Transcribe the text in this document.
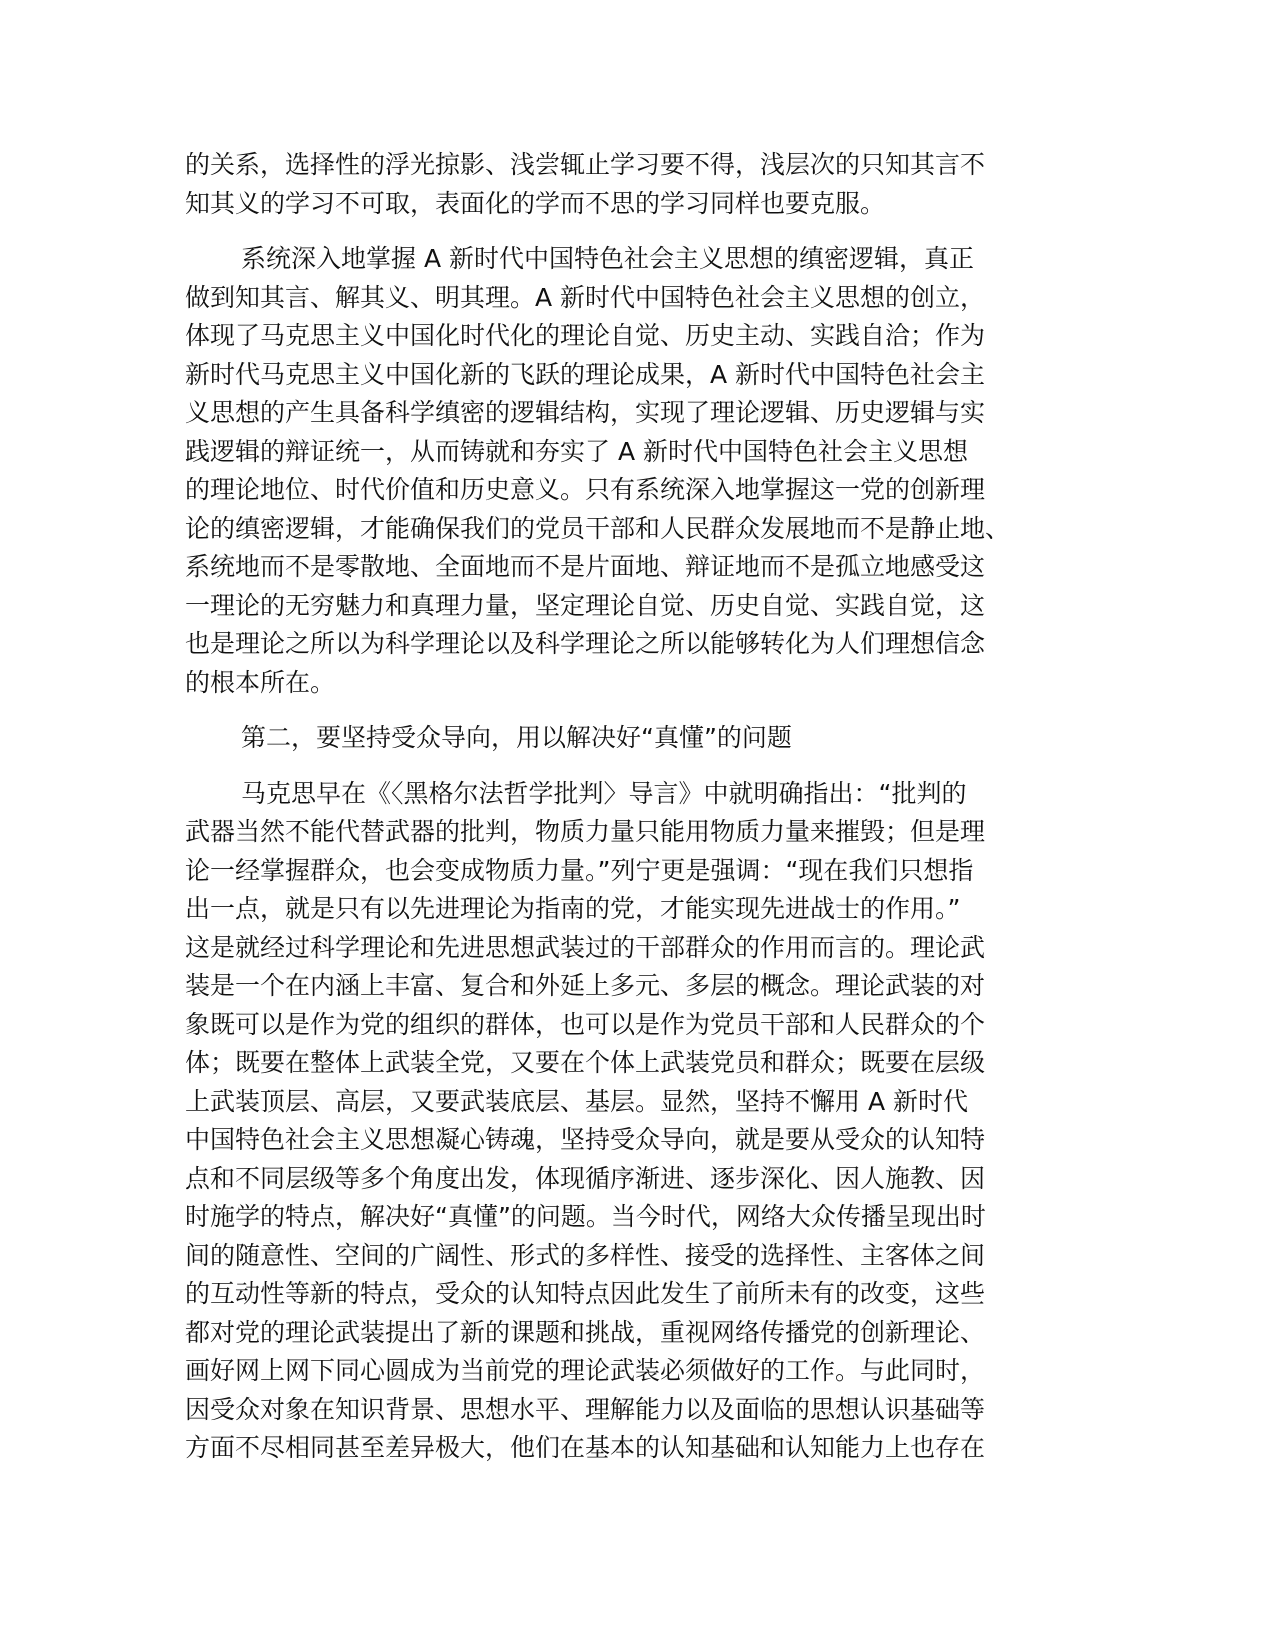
的关系，选择性的浮光掠影、浅尝辄止学习要不得，浅层次的只知其言不
知其义的学习不可取，表面化的学而不思的学习同样也要克服。
系统深入地掌握 A 新时代中国特色社会主义思想的缜密逻辑，真正
做到知其言、解其义、明其理。A 新时代中国特色社会主义思想的创立，
体现了马克思主义中国化时代化的理论自觉、历史主动、实践自洽；作为
新时代马克思主义中国化新的飞跃的理论成果，A 新时代中国特色社会主
义思想的产生具备科学缜密的逻辑结构，实现了理论逻辑、历史逻辑与实
践逻辑的辩证统一，从而铸就和夯实了 A 新时代中国特色社会主义思想
的理论地位、时代价值和历史意义。只有系统深入地掌握这一党的创新理
论的缜密逻辑，才能确保我们的党员干部和人民群众发展地而不是静止地、
系统地而不是零散地、全面地而不是片面地、辩证地而不是孤立地感受这
一理论的无穷魅力和真理力量，坚定理论自觉、历史自觉、实践自觉，这
也是理论之所以为科学理论以及科学理论之所以能够转化为人们理想信念
的根本所在。
第二，要坚持受众导向，用以解决好“真懂”的问题
马克思早在《〈黑格尔法哲学批判〉导言》中就明确指出：“批判的
武器当然不能代替武器的批判，物质力量只能用物质力量来摧毁；但是理
论一经掌握群众，也会变成物质力量。”列宁更是强调：“现在我们只想指
出一点，就是只有以先进理论为指南的党，才能实现先进战士的作用。”
这是就经过科学理论和先进思想武装过的干部群众的作用而言的。理论武
装是一个在内涵上丰富、复合和外延上多元、多层的概念。理论武装的对
象既可以是作为党的组织的群体，也可以是作为党员干部和人民群众的个
体；既要在整体上武装全党，又要在个体上武装党员和群众；既要在层级
上武装顶层、高层，又要武装底层、基层。显然，坚持不懈用 A 新时代
中国特色社会主义思想凝心铸魂，坚持受众导向，就是要从受众的认知特
点和不同层级等多个角度出发，体现循序渐进、逐步深化、因人施教、因
时施学的特点，解决好“真懂”的问题。当今时代，网络大众传播呈现出时
间的随意性、空间的广阔性、形式的多样性、接受的选择性、主客体之间
的互动性等新的特点，受众的认知特点因此发生了前所未有的改变，这些
都对党的理论武装提出了新的课题和挑战，重视网络传播党的创新理论、
画好网上网下同心圆成为当前党的理论武装必须做好的工作。与此同时，
因受众对象在知识背景、思想水平、理解能力以及面临的思想认识基础等
方面不尽相同甚至差异极大，他们在基本的认知基础和认知能力上也存在
